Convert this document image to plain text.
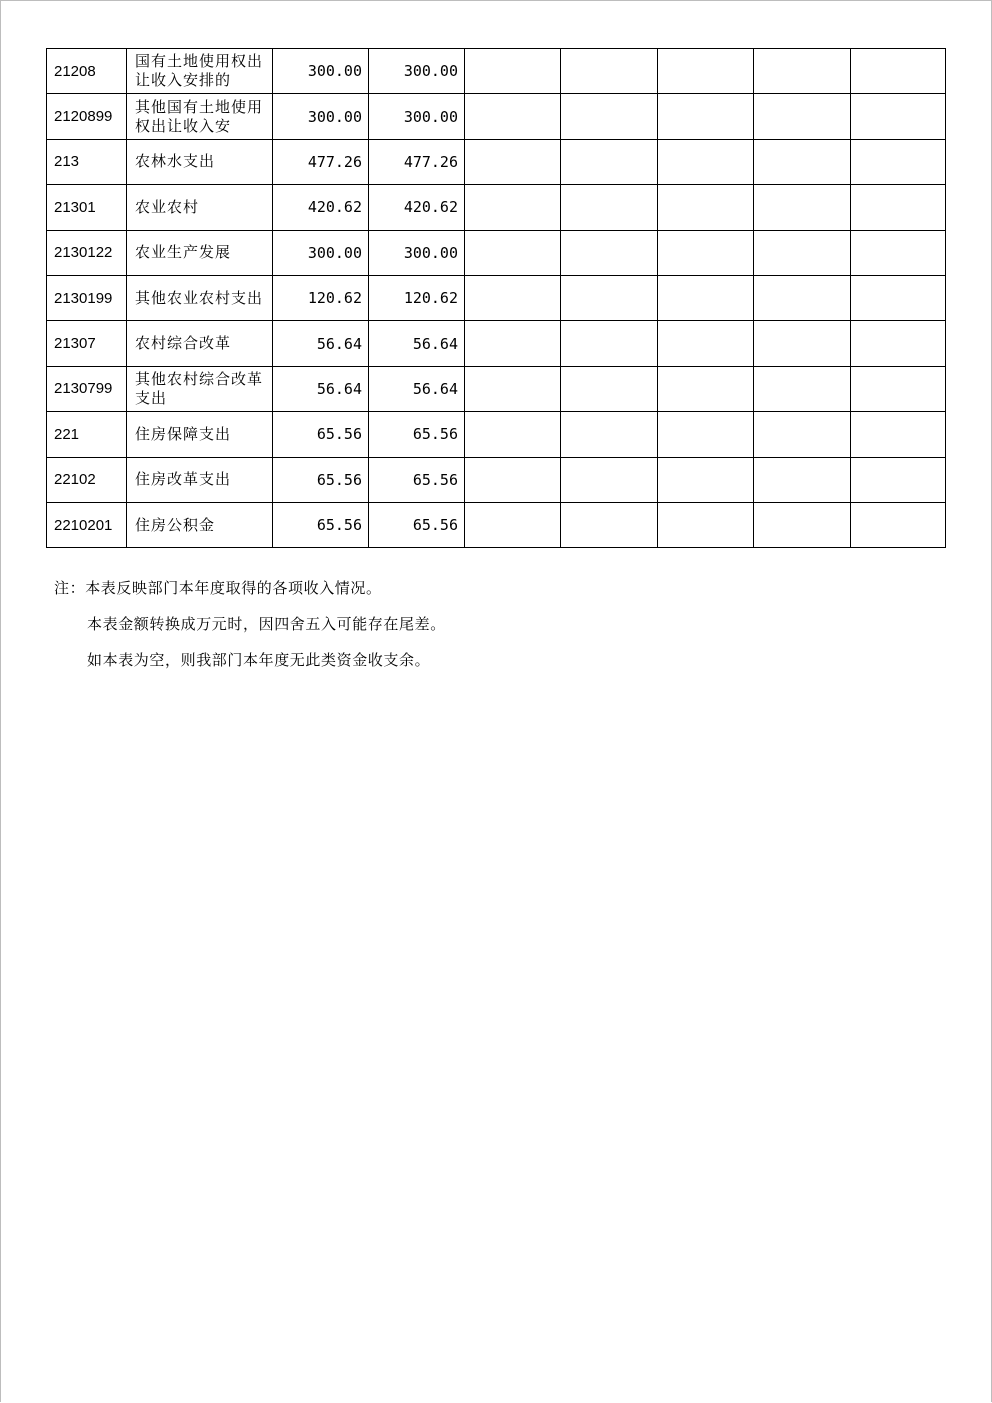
21208	国有土地使用权出让收入安排的	300.00	300.00					
2120899	其他国有土地使用权出让收入安	300.00	300.00					
213	农林水支出	477.26	477.26					
21301	农业农村	420.62	420.62					
2130122	农业生产发展	300.00	300.00					
2130199	其他农业农村支出	120.62	120.62					
21307	农村综合改革	56.64	56.64					
2130799	其他农村综合改革支出	56.64	56.64					
221	住房保障支出	65.56	65.56					
22102	住房改革支出	65.56	65.56					
2210201	住房公积金	65.56	65.56					

注：本表反映部门本年度取得的各项收入情况。

本表金额转换成万元时，因四舍五入可能存在尾差。

如本表为空，则我部门本年度无此类资金收支余。
